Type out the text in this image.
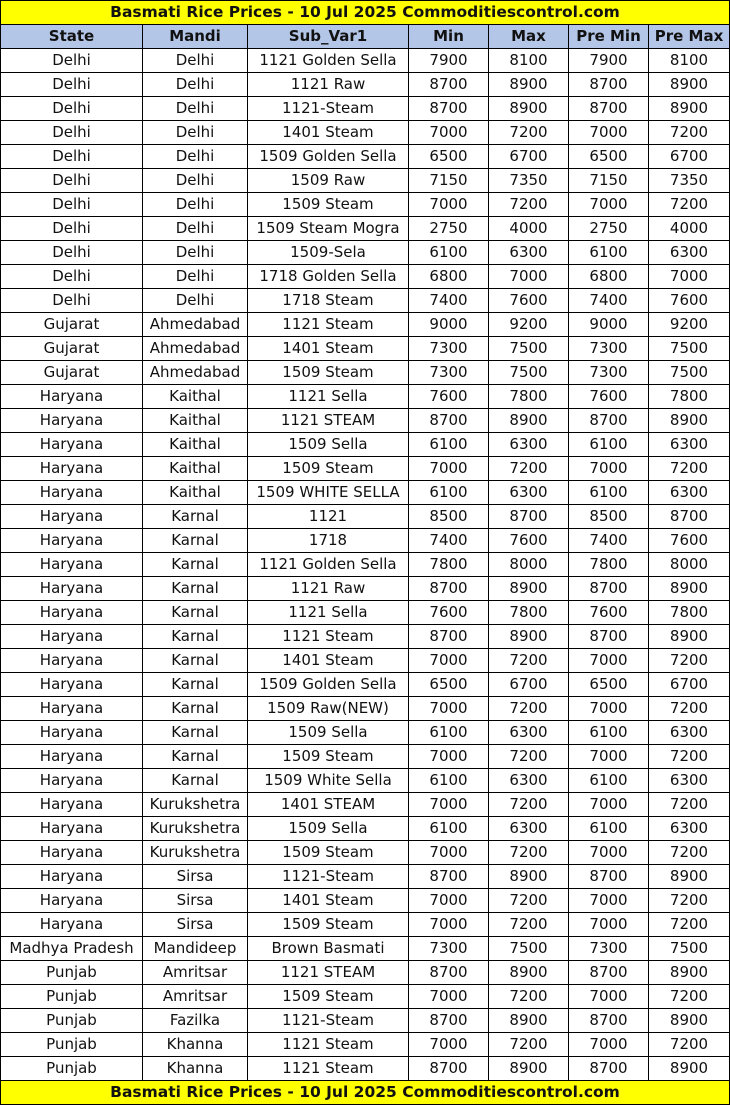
Basmati Rice Prices - 10 Jul 2025 Commoditiescontrol.com						
State	Mandi	Sub_Var1	Min	Max	Pre Min	Pre Max
Delhi	Delhi	1121 Golden Sella	7900	8100	7900	8100
Delhi	Delhi	1121 Raw	8700	8900	8700	8900
Delhi	Delhi	1121-Steam	8700	8900	8700	8900
Delhi	Delhi	1401 Steam	7000	7200	7000	7200
Delhi	Delhi	1509 Golden Sella	6500	6700	6500	6700
Delhi	Delhi	1509 Raw	7150	7350	7150	7350
Delhi	Delhi	1509 Steam	7000	7200	7000	7200
Delhi	Delhi	1509 Steam Mogra	2750	4000	2750	4000
Delhi	Delhi	1509-Sela	6100	6300	6100	6300
Delhi	Delhi	1718 Golden Sella	6800	7000	6800	7000
Delhi	Delhi	1718 Steam	7400	7600	7400	7600
Gujarat	Ahmedabad	1121 Steam	9000	9200	9000	9200
Gujarat	Ahmedabad	1401 Steam	7300	7500	7300	7500
Gujarat	Ahmedabad	1509 Steam	7300	7500	7300	7500
Haryana	Kaithal	1121 Sella	7600	7800	7600	7800
Haryana	Kaithal	1121 STEAM	8700	8900	8700	8900
Haryana	Kaithal	1509 Sella	6100	6300	6100	6300
Haryana	Kaithal	1509 Steam	7000	7200	7000	7200
Haryana	Kaithal	1509 WHITE SELLA	6100	6300	6100	6300
Haryana	Karnal	1121	8500	8700	8500	8700
Haryana	Karnal	1718	7400	7600	7400	7600
Haryana	Karnal	1121 Golden Sella	7800	8000	7800	8000
Haryana	Karnal	1121 Raw	8700	8900	8700	8900
Haryana	Karnal	1121 Sella	7600	7800	7600	7800
Haryana	Karnal	1121 Steam	8700	8900	8700	8900
Haryana	Karnal	1401 Steam	7000	7200	7000	7200
Haryana	Karnal	1509 Golden Sella	6500	6700	6500	6700
Haryana	Karnal	1509 Raw(NEW)	7000	7200	7000	7200
Haryana	Karnal	1509 Sella	6100	6300	6100	6300
Haryana	Karnal	1509 Steam	7000	7200	7000	7200
Haryana	Karnal	1509 White Sella	6100	6300	6100	6300
Haryana	Kurukshetra	1401 STEAM	7000	7200	7000	7200
Haryana	Kurukshetra	1509 Sella	6100	6300	6100	6300
Haryana	Kurukshetra	1509 Steam	7000	7200	7000	7200
Haryana	Sirsa	1121-Steam	8700	8900	8700	8900
Haryana	Sirsa	1401 Steam	7000	7200	7000	7200
Haryana	Sirsa	1509 Steam	7000	7200	7000	7200
Madhya Pradesh	Mandideep	Brown Basmati	7300	7500	7300	7500
Punjab	Amritsar	1121 STEAM	8700	8900	8700	8900
Punjab	Amritsar	1509 Steam	7000	7200	7000	7200
Punjab	Fazilka	1121-Steam	8700	8900	8700	8900
Punjab	Khanna	1121 Steam	7000	7200	7000	7200
Punjab	Khanna	1121 Steam	8700	8900	8700	8900
Basmati Rice Prices - 10 Jul 2025 Commoditiescontrol.com						
